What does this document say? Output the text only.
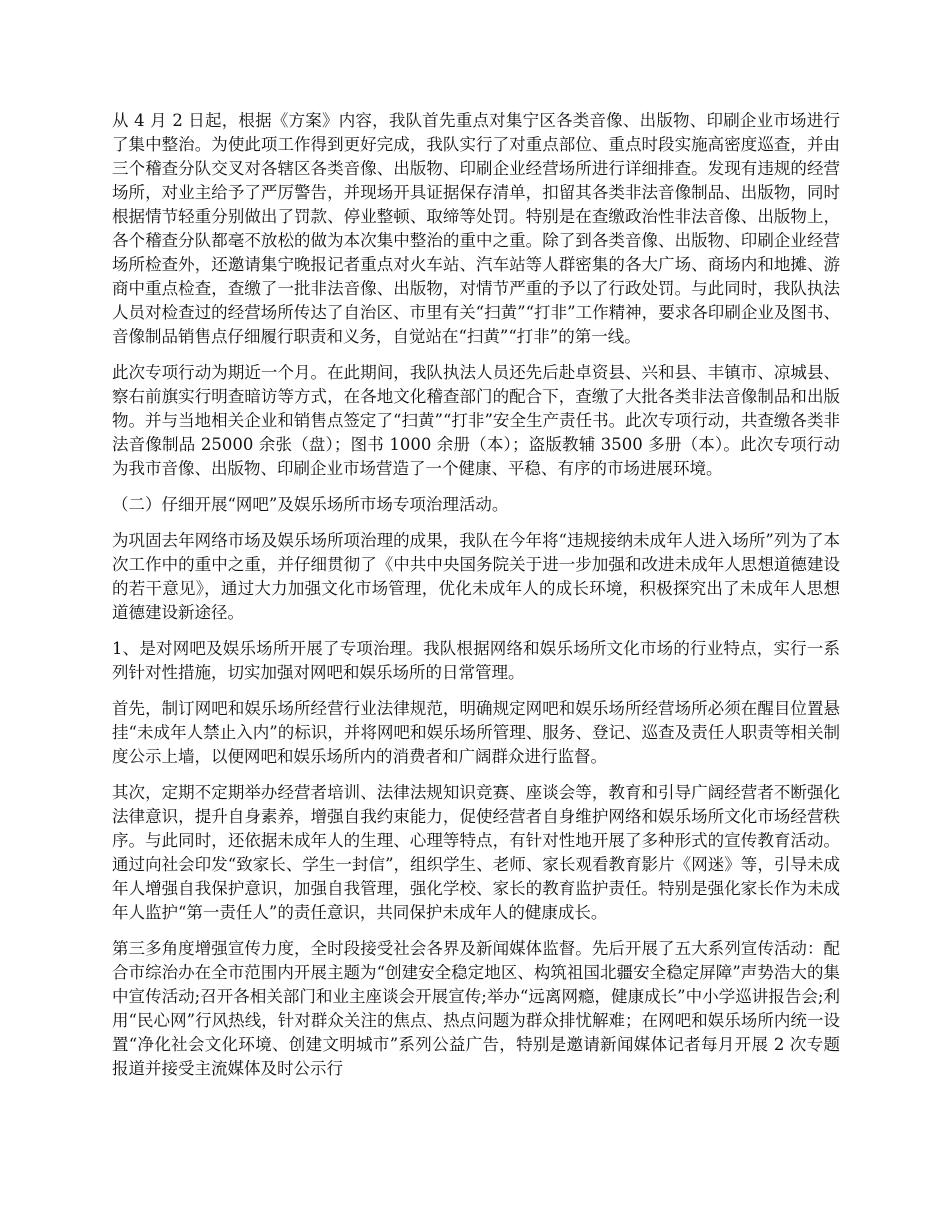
从 4 月 2 日起，根据《方案》内容，我队首先重点对集宁区各类音像、出版物、印刷企业市场进行了集中整治。为使此项工作得到更好完成，我队实行了对重点部位、重点时段实施高密度巡查，并由三个稽查分队交叉对各辖区各类音像、出版物、印刷企业经营场所进行详细排查。发现有违规的经营场所，对业主给予了严厉警告，并现场开具证据保存清单，扣留其各类非法音像制品、出版物，同时根据情节轻重分别做出了罚款、停业整顿、取缔等处罚。特别是在查缴政治性非法音像、出版物上，各个稽查分队都毫不放松的做为本次集中整治的重中之重。除了到各类音像、出版物、印刷企业经营场所检查外，还邀请集宁晚报记者重点对火车站、汽车站等人群密集的各大广场、商场内和地摊、游商中重点检查，查缴了一批非法音像、出版物，对情节严重的予以了行政处罚。与此同时，我队执法人员对检查过的经营场所传达了自治区、市里有关“扫黄”“打非”工作精神，要求各印刷企业及图书、音像制品销售点仔细履行职责和义务，自觉站在“扫黄”“打非”的第一线。

此次专项行动为期近一个月。在此期间，我队执法人员还先后赴卓资县、兴和县、丰镇市、凉城县、察右前旗实行明查暗访等方式，在各地文化稽查部门的配合下，查缴了大批各类非法音像制品和出版物。并与当地相关企业和销售点签定了“扫黄”“打非”安全生产责任书。此次专项行动，共查缴各类非法音像制品 25000 余张（盘）；图书 1000 余册（本）；盗版教辅 3500 多册（本）。此次专项行动为我市音像、出版物、印刷企业市场营造了一个健康、平稳、有序的市场进展环境。

（二）仔细开展“网吧”及娱乐场所市场专项治理活动。

为巩固去年网络市场及娱乐场所项治理的成果，我队在今年将“违规接纳未成年人进入场所”列为了本次工作中的重中之重，并仔细贯彻了《中共中央国务院关于进一步加强和改进未成年人思想道德建设的若干意见》，通过大力加强文化市场管理，优化未成年人的成长环境，积极探究出了未成年人思想道德建设新途径。

1、是对网吧及娱乐场所开展了专项治理。我队根据网络和娱乐场所文化市场的行业特点，实行一系列针对性措施，切实加强对网吧和娱乐场所的日常管理。

首先，制订网吧和娱乐场所经营行业法律规范，明确规定网吧和娱乐场所经营场所必须在醒目位置悬挂“未成年人禁止入内”的标识，并将网吧和娱乐场所管理、服务、登记、巡查及责任人职责等相关制度公示上墙，以便网吧和娱乐场所内的消费者和广阔群众进行监督。

其次，定期不定期举办经营者培训、法律法规知识竞赛、座谈会等，教育和引导广阔经营者不断强化法律意识，提升自身素养，增强自我约束能力，促使经营者自身维护网络和娱乐场所文化市场经营秩序。与此同时，还依据未成年人的生理、心理等特点，有针对性地开展了多种形式的宣传教育活动。通过向社会印发“致家长、学生一封信”，组织学生、老师、家长观看教育影片《网迷》等，引导未成年人增强自我保护意识，加强自我管理，强化学校、家长的教育监护责任。特别是强化家长作为未成年人监护“第一责任人”的责任意识，共同保护未成年人的健康成长。

第三多角度增强宣传力度，全时段接受社会各界及新闻媒体监督。先后开展了五大系列宣传活动：配合市综治办在全市范围内开展主题为“创建安全稳定地区、构筑祖国北疆安全稳定屏障”声势浩大的集中宣传活动;召开各相关部门和业主座谈会开展宣传;举办“远离网瘾，健康成长”中小学巡讲报告会;利用“民心网”行风热线，针对群众关注的焦点、热点问题为群众排忧解难；在网吧和娱乐场所内统一设置“净化社会文化环境、创建文明城市”系列公益广告，特别是邀请新闻媒体记者每月开展 2 次专题报道并接受主流媒体及时公示行
